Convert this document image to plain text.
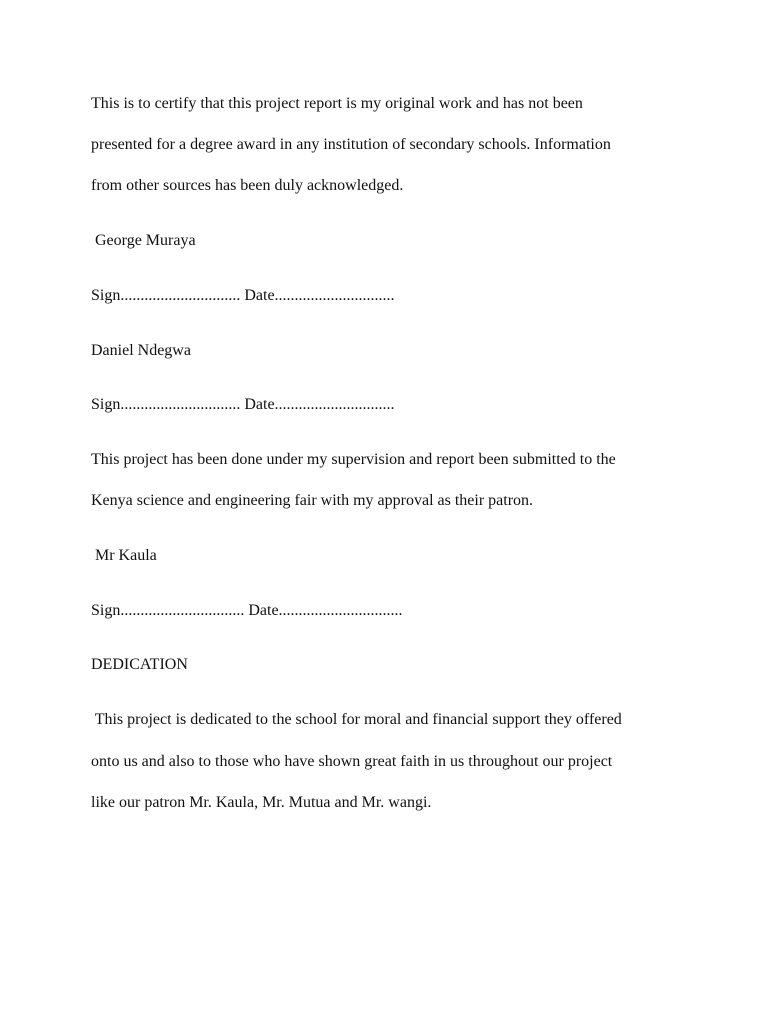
This is to certify that this project report is my original work and has not been
presented for a degree award in any institution of secondary schools. Information
from other sources has been duly acknowledged.
George Muraya
Sign.............................. Date..............................
Daniel Ndegwa
Sign.............................. Date..............................
This project has been done under my supervision and report been submitted to the
Kenya science and engineering fair with my approval as their patron.
Mr Kaula
Sign............................... Date...............................
DEDICATION
This project is dedicated to the school for moral and financial support they offered
onto us and also to those who have shown great faith in us throughout our project
like our patron Mr. Kaula, Mr. Mutua and Mr. wangi.
